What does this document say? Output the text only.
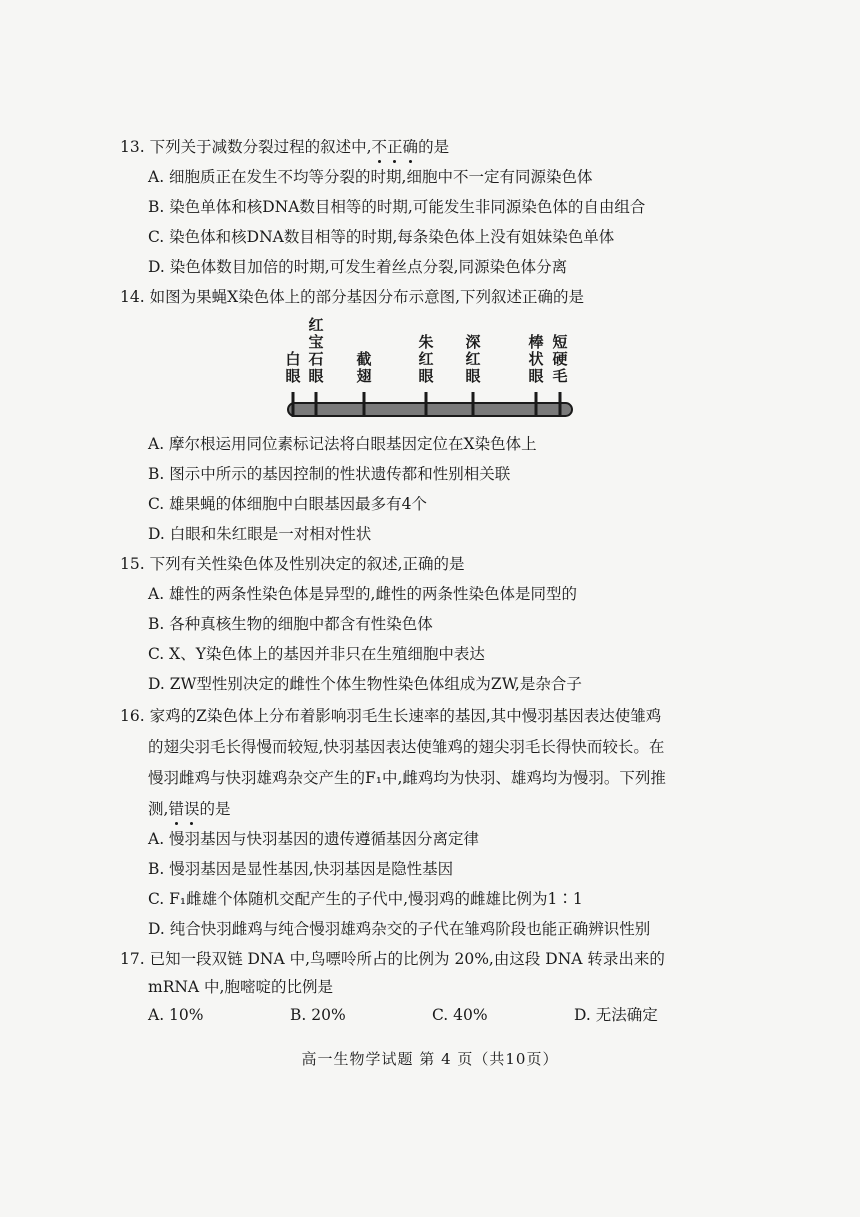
13. 下列关于减数分裂过程的叙述中,不正确的是
A. 细胞质正在发生不均等分裂的时期,细胞中不一定有同源染色体
B. 染色单体和核DNA数目相等的时期,可能发生非同源染色体的自由组合
C. 染色体和核DNA数目相等的时期,每条染色体上没有姐妹染色单体
D. 染色体数目加倍的时期,可发生着丝点分裂,同源染色体分离
14. 如图为果蝇X染色体上的部分基因分布示意图,下列叙述正确的是
白
眼
红
宝
石
眼
截
翅
朱
红
眼
深
红
眼
棒
状
眼
短
硬
毛
A. 摩尔根运用同位素标记法将白眼基因定位在X染色体上
B. 图示中所示的基因控制的性状遗传都和性别相关联
C. 雄果蝇的体细胞中白眼基因最多有4个
D. 白眼和朱红眼是一对相对性状
15. 下列有关性染色体及性别决定的叙述,正确的是
A. 雄性的两条性染色体是异型的,雌性的两条性染色体是同型的
B. 各种真核生物的细胞中都含有性染色体
C. X、Y染色体上的基因并非只在生殖细胞中表达
D. ZW型性别决定的雌性个体生物性染色体组成为ZW,是杂合子
16. 家鸡的Z染色体上分布着影响羽毛生长速率的基因,其中慢羽基因表达使雏鸡
的翅尖羽毛长得慢而较短,快羽基因表达使雏鸡的翅尖羽毛长得快而较长。在
慢羽雌鸡与快羽雄鸡杂交产生的F₁中,雌鸡均为快羽、雄鸡均为慢羽。下列推
测,错误的是
A. 慢羽基因与快羽基因的遗传遵循基因分离定律
B. 慢羽基因是显性基因,快羽基因是隐性基因
C. F₁雌雄个体随机交配产生的子代中,慢羽鸡的雌雄比例为1∶1
D. 纯合快羽雌鸡与纯合慢羽雄鸡杂交的子代在雏鸡阶段也能正确辨识性别
17. 已知一段双链 DNA 中,鸟嘌呤所占的比例为 20%,由这段 DNA 转录出来的
mRNA 中,胞嘧啶的比例是
A. 10%	B. 20%	C. 40%	D. 无法确定
高一生物学试题 第 4 页（共10页）
